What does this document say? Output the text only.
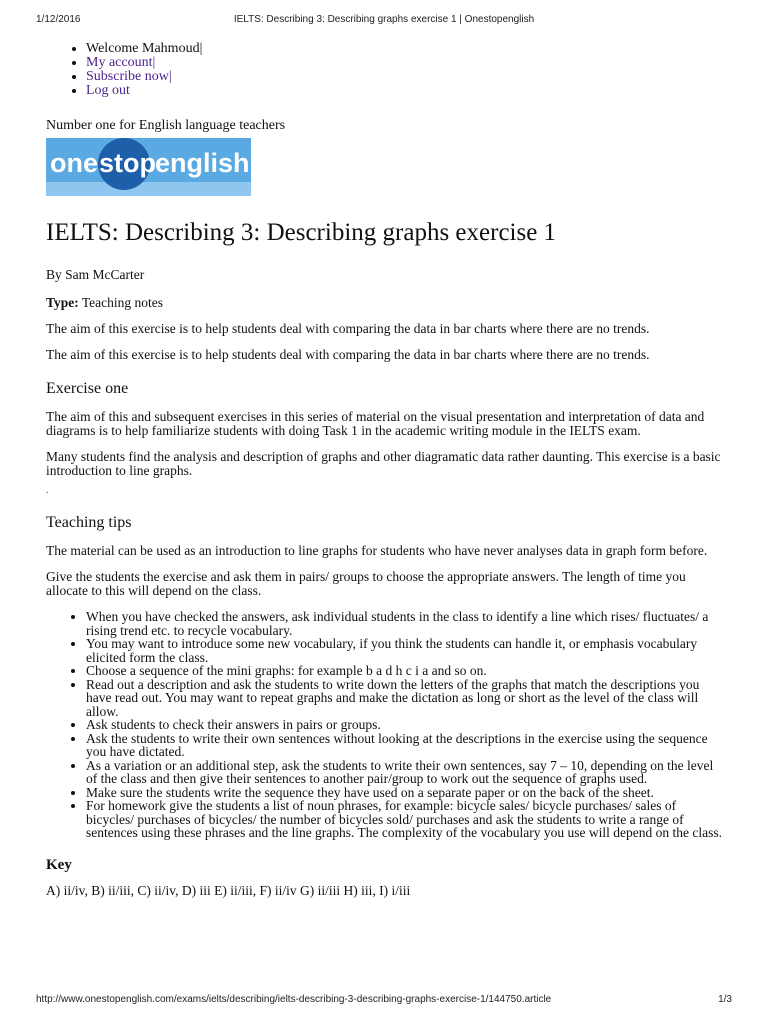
1/12/2016	IELTS: Describing 3: Describing graphs exercise 1 | Onestopenglish
• Welcome Mahmoud|
• My account|
• Subscribe now|
• Log out
Number one for English language teachers
one stop english
IELTS: Describing 3: Describing graphs exercise 1

By Sam McCarter

Type: Teaching notes

The aim of this exercise is to help students deal with comparing the data in bar charts where there are no trends.

The aim of this exercise is to help students deal with comparing the data in bar charts where there are no trends.

Exercise one

The aim of this and subsequent exercises in this series of material on the visual presentation and interpretation of data and diagrams is to help familiarize students with doing Task 1 in the academic writing module in the IELTS exam.

Many students find the analysis and description of graphs and other diagramatic data rather daunting. This exercise is a basic introduction to line graphs.

.
Teaching tips

The material can be used as an introduction to line graphs for students who have never analyses data in graph form before.

Give the students the exercise and ask them in pairs/ groups to choose the appropriate answers. The length of time you allocate to this will depend on the class.

• When you have checked the answers, ask individual students in the class to identify a line which rises/ fluctuates/ a rising trend etc. to recycle vocabulary.
• You may want to introduce some new vocabulary, if you think the students can handle it, or emphasis vocabulary elicited form the class.
• Choose a sequence of the mini graphs: for example b a d h c i a and so on.
• Read out a description and ask the students to write down the letters of the graphs that match the descriptions you have read out. You may want to repeat graphs and make the dictation as long or short as the level of the class will allow.
• Ask students to check their answers in pairs or groups.
• Ask the students to write their own sentences without looking at the descriptions in the exercise using the sequence you have dictated.
• As a variation or an additional step, ask the students to write their own sentences, say 7 – 10, depending on the level of the class and then give their sentences to another pair/group to work out the sequence of graphs used.
• Make sure the students write the sequence they have used on a separate paper or on the back of the sheet.
• For homework give the students a list of noun phrases, for example: bicycle sales/ bicycle purchases/ sales of bicycles/ purchases of bicycles/ the number of bicycles sold/ purchases and ask the students to write a range of sentences using these phrases and the line graphs. The complexity of the vocabulary you use will depend on the class.
Key

A) ii/iv, B) ii/iii, C) ii/iv, D) iii E) ii/iii, F) ii/iv G) ii/iii H) iii, I) i/iii

http://www.onestopenglish.com/exams/ielts/describing/ielts-describing-3-describing-graphs-exercise-1/144750.article	1/3
